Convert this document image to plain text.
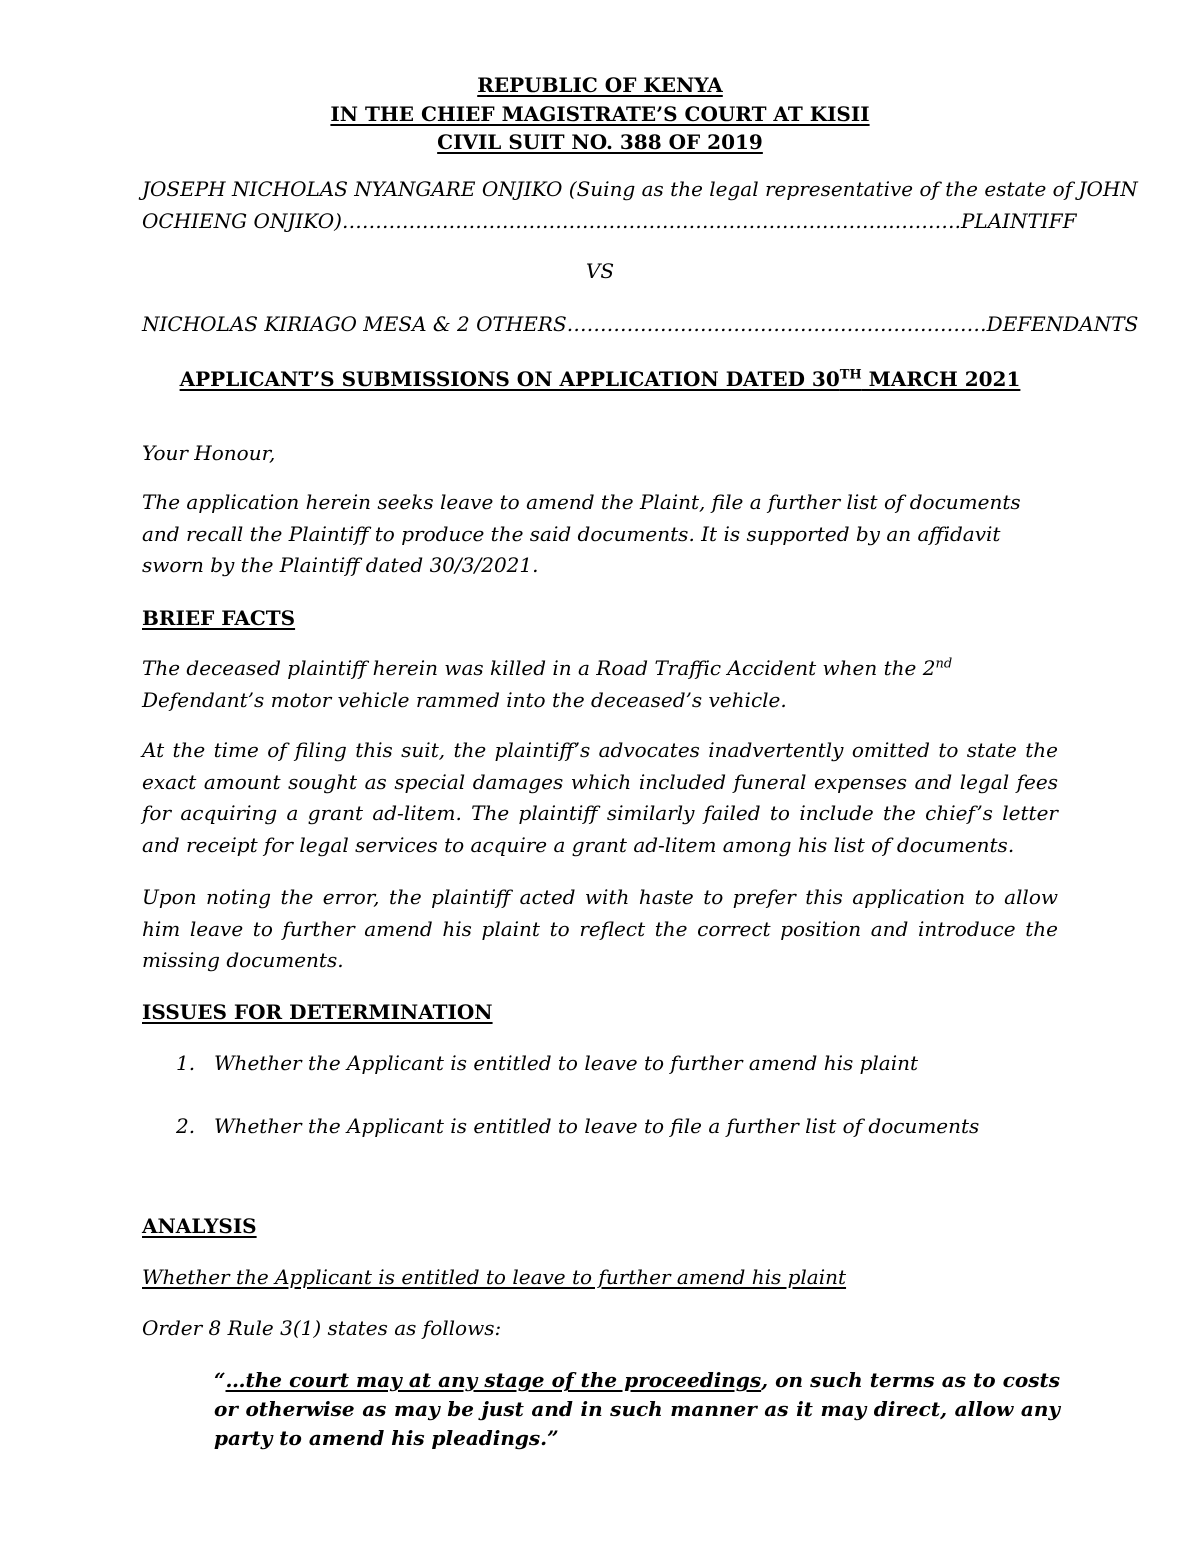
REPUBLIC OF KENYA
IN THE CHIEF MAGISTRATE’S COURT AT KISII
CIVIL SUIT NO. 388 OF 2019
JOSEPH NICHOLAS NYANGARE ONJIKO (Suing as the legal representative of the estate of JOHN
OCHIENG ONJIKO)………………………………………………………………………..……….PLAINTIFF
VS
NICHOLAS KIRIAGO MESA & 2 OTHERS………………………………………………………DEFENDANTS
APPLICANT’S SUBMISSIONS ON APPLICATION DATED 30TH MARCH 2021
Your Honour,
The application herein seeks leave to amend the Plaint, file a further list of documents and recall the Plaintiff to produce the said documents. It is supported by an affidavit sworn by the Plaintiff dated 30/3/2021.
BRIEF FACTS
The deceased plaintiff herein was killed in a Road Traffic Accident when the 2nd Defendant’s motor vehicle rammed into the deceased’s vehicle.
At the time of filing this suit, the plaintiff’s advocates inadvertently omitted to state the exact amount sought as special damages which included funeral expenses and legal fees for acquiring a grant ad-litem. The plaintiff similarly failed to include the chief’s letter and receipt for legal services to acquire a grant ad-litem among his list of documents.
Upon noting the error, the plaintiff acted with haste to prefer this application to allow him leave to further amend his plaint to reflect the correct position and introduce the missing documents.
ISSUES FOR DETERMINATION
1. Whether the Applicant is entitled to leave to further amend his plaint
2. Whether the Applicant is entitled to leave to file a further list of documents
ANALYSIS
Whether the Applicant is entitled to leave to further amend his plaint
Order 8 Rule 3(1) states as follows:
“…the court may at any stage of the proceedings, on such terms as to costs or otherwise as may be just and in such manner as it may direct, allow any party to amend his pleadings.”
